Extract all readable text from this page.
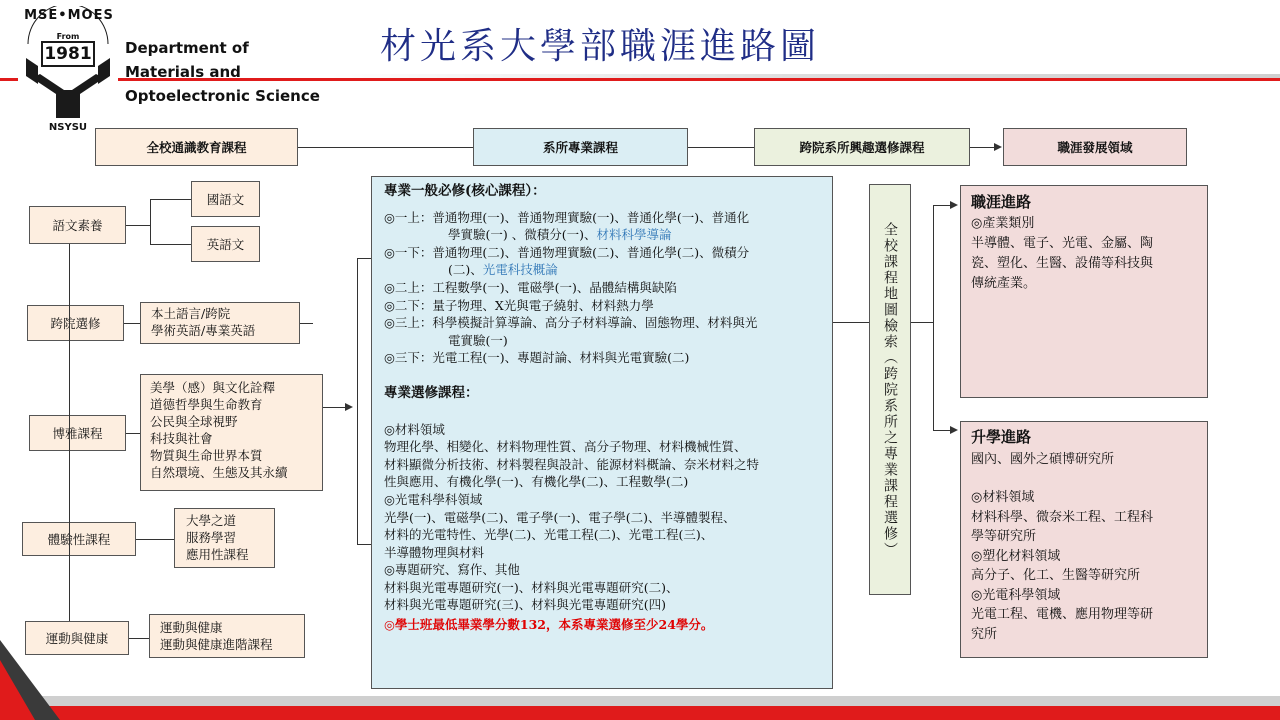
MSE•MOES
From
1981
NSYSU
Department of
Materials and
Optoelectronic Science
材光系大學部職涯進路圖
全校通識教育課程	系所專業課程	跨院系所興趣選修課程	職涯發展領域
語文素養
國語文
英語文
跨院選修
本土語言/跨院
學術英語/專業英語
博雅課程
美學（感）與文化詮釋
道德哲學與生命教育
公民與全球視野
科技與社會
物質與生命世界本質
自然環境、生態及其永續
體驗性課程
大學之道
服務學習
應用性課程
運動與健康
運動與健康
運動與健康進階課程
專業一般必修(核心課程）：
◎一上：普通物理(一)、普通物理實驗(一)、普通化學(一)、普通化
學實驗(一) 、微積分(一)、材料科學導論
◎一下：普通物理(二)、普通物理實驗(二)、普通化學(二)、微積分
(二)、光電科技概論
◎二上：工程數學(一)、電磁學(一)、晶體結構與缺陷
◎二下：量子物理、X光與電子繞射、材料熱力學
◎三上：科學模擬計算導論、高分子材料導論、固態物理、材料與光
電實驗(一)
◎三下：光電工程(一)、專題討論、材料與光電實驗(二)
專業選修課程：
◎材料領域
物理化學、相變化、材料物理性質、高分子物理、材料機械性質、
材料顯微分析技術、材料製程與設計、能源材料概論、奈米材料之特
性與應用、有機化學(一)、有機化學(二)、工程數學(二)
◎光電科學科領域
光學(一)、電磁學(二)、電子學(一)、電子學(二)、半導體製程、
材料的光電特性、光學(二)、光電工程(二)、光電工程(三)、
半導體物理與材料
◎專題研究、寫作、其他
材料與光電專題研究(一)、材料與光電專題研究(二)、
材料與光電專題研究(三)、材料與光電專題研究(四)
◎學士班最低畢業學分數132，本系專業選修至少24學分。
全校課程地圖檢索（跨院系所之專業課程選修）
職涯進路
◎產業類別
半導體、電子、光電、金屬、陶
瓷、塑化、生醫、設備等科技與
傳統產業。
升學進路
國內、國外之碩博研究所
◎材料領域
材料科學、微奈米工程、工程科
學等研究所
◎塑化材料領域
高分子、化工、生醫等研究所
◎光電科學領域
光電工程、電機、應用物理等研
究所
